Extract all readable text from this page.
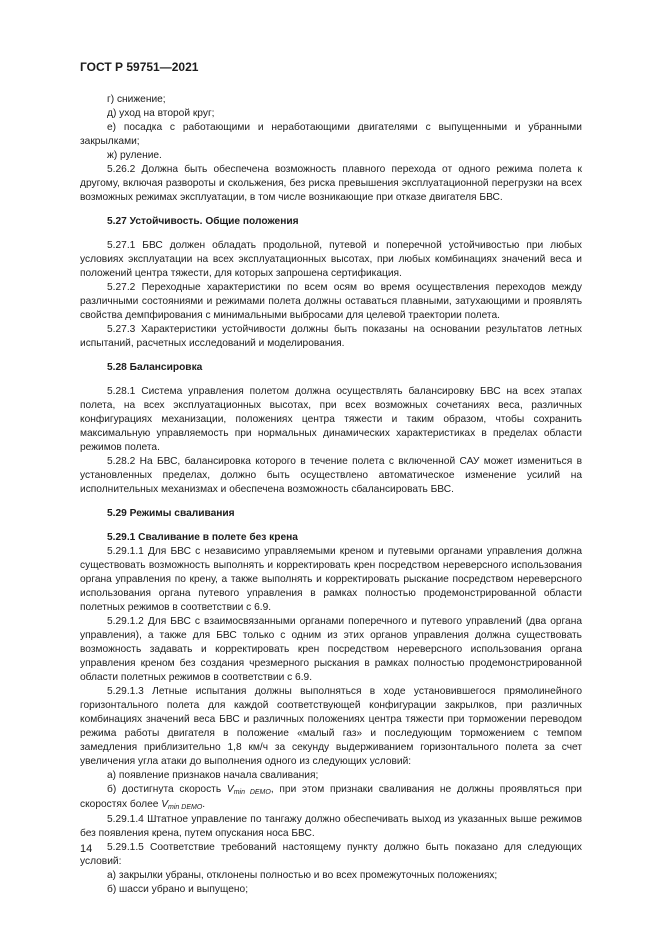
ГОСТ Р 59751—2021

г) снижение;

д) уход на второй круг;

е) посадка с работающими и неработающими двигателями с выпущенными и убранными закрылками;

ж) руление.

5.26.2 Должна быть обеспечена возможность плавного перехода от одного режима полета к другому, включая развороты и скольжения, без риска превышения эксплуатационной перегрузки на всех возможных режимах эксплуатации, в том числе возникающие при отказе двигателя БВС.

5.27 Устойчивость. Общие положения

5.27.1 БВС должен обладать продольной, путевой и поперечной устойчивостью при любых условиях эксплуатации на всех эксплуатационных высотах, при любых комбинациях значений веса и положений центра тяжести, для которых запрошена сертификация.

5.27.2 Переходные характеристики по всем осям во время осуществления переходов между различными состояниями и режимами полета должны оставаться плавными, затухающими и проявлять свойства демпфирования с минимальными выбросами для целевой траектории полета.

5.27.3 Характеристики устойчивости должны быть показаны на основании результатов летных испытаний, расчетных исследований и моделирования.

5.28 Балансировка

5.28.1 Система управления полетом должна осуществлять балансировку БВС на всех этапах полета, на всех эксплуатационных высотах, при всех возможных сочетаниях веса, различных конфигурациях механизации, положениях центра тяжести и таким образом, чтобы сохранить максимальную управляемость при нормальных динамических характеристиках в пределах области режимов полета.

5.28.2 На БВС, балансировка которого в течение полета с включенной САУ может измениться в установленных пределах, должно быть осуществлено автоматическое изменение усилий на исполнительных механизмах и обеспечена возможность сбалансировать БВС.

5.29 Режимы сваливания
5.29.1 Сваливание в полете без крена

5.29.1.1 Для БВС с независимо управляемыми креном и путевыми органами управления должна существовать возможность выполнять и корректировать крен посредством нереверсного использования органа управления по крену, а также выполнять и корректировать рыскание посредством нереверсного использования органа путевого управления в рамках полностью продемонстрированной области полетных режимов в соответствии с 6.9.

5.29.1.2 Для БВС с взаимосвязанными органами поперечного и путевого управлений (два органа управления), а также для БВС только с одним из этих органов управления должна существовать возможность задавать и корректировать крен посредством нереверсного использования органа управления креном без создания чрезмерного рыскания в рамках полностью продемонстрированной области полетных режимов в соответствии с 6.9.

5.29.1.3 Летные испытания должны выполняться в ходе установившегося прямолинейного горизонтального полета для каждой соответствующей конфигурации закрылков, при различных комбинациях значений веса БВС и различных положениях центра тяжести при торможении переводом режима работы двигателя в положение «малый газ» и последующим торможением с темпом замедления приблизительно 1,8 км/ч за секунду выдерживанием горизонтального полета за счет увеличения угла атаки до выполнения одного из следующих условий:

а) появление признаков начала сваливания;

б) достигнута скорость Vmin DEMO, при этом признаки сваливания не должны проявляться при скоростях более Vmin DEMO.

5.29.1.4 Штатное управление по тангажу должно обеспечивать выход из указанных выше режимов без появления крена, путем опускания носа БВС.

5.29.1.5 Соответствие требований настоящему пункту должно быть показано для следующих условий:

а) закрылки убраны, отклонены полностью и во всех промежуточных положениях;

б) шасси убрано и выпущено;

14
